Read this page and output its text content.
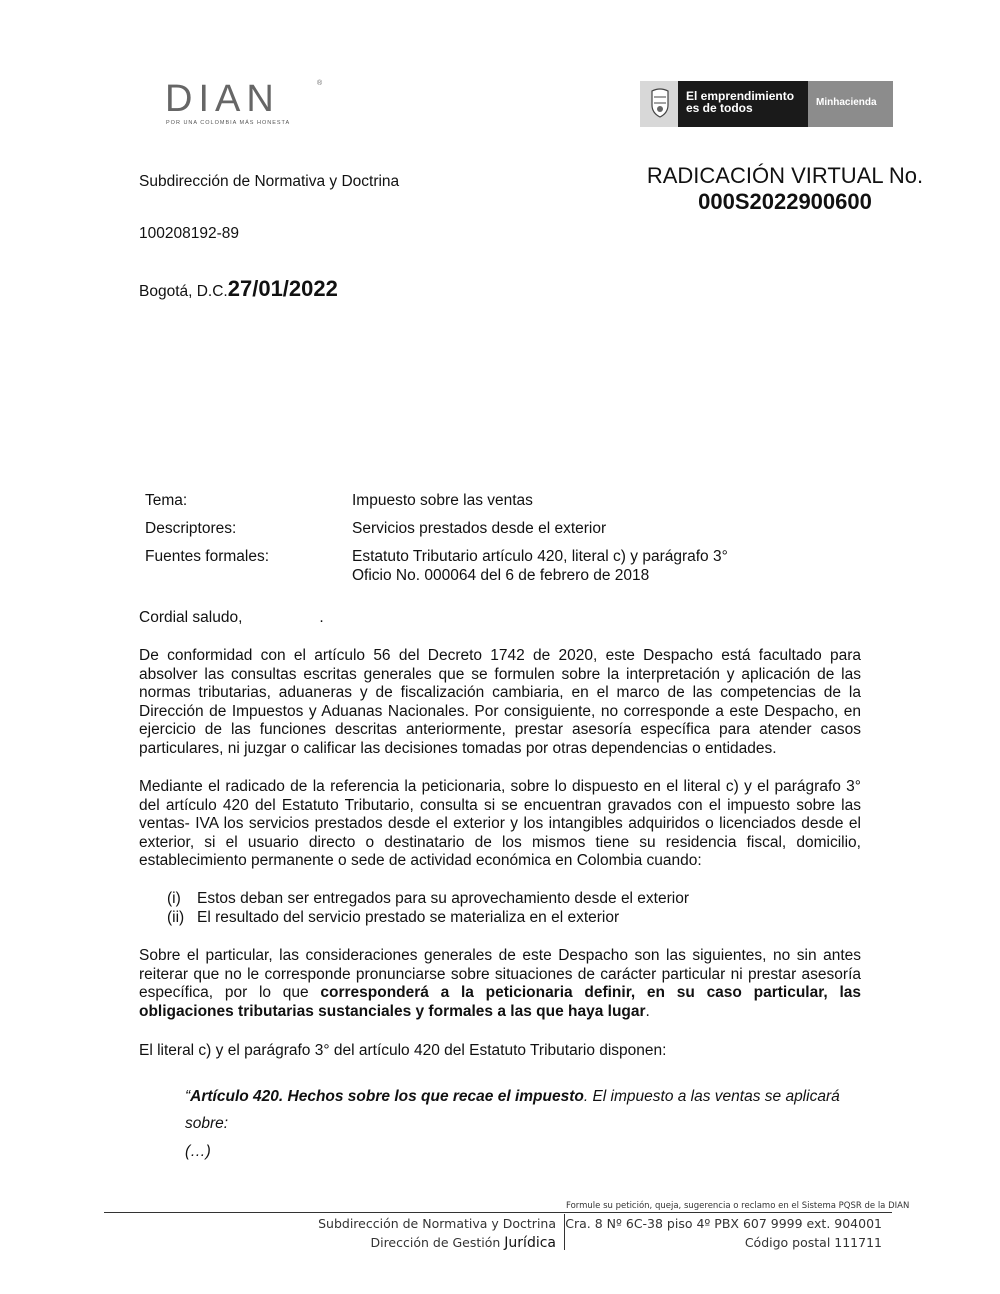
DIAN	®
POR UNA COLOMBIA MÁS HONESTA
El emprendimiento
es de todos	Minhacienda
RADICACIÓN VIRTUAL No.
000S2022900600
Subdirección de Normativa y Doctrina
100208192-89
Bogotá, D.C.27/01/2022
Tema:	Impuesto sobre las ventas
Descriptores:	Servicios prestados desde el exterior
Fuentes formales:	Estatuto Tributario artículo 420, literal c) y parágrafo 3°
Oficio No. 000064 del 6 de febrero de 2018
Cordial saludo,	.
De conformidad con el artículo 56 del Decreto 1742 de 2020, este Despacho está facultado para absolver las consultas escritas generales que se formulen sobre la interpretación y aplicación de las normas tributarias, aduaneras y de fiscalización cambiaria, en el marco de las competencias de la Dirección de Impuestos y Aduanas Nacionales. Por consiguiente, no corresponde a este Despacho, en ejercicio de las funciones descritas anteriormente, prestar asesoría específica para atender casos particulares, ni juzgar o calificar las decisiones tomadas por otras dependencias o entidades.
Mediante el radicado de la referencia la peticionaria, sobre lo dispuesto en el literal c) y el parágrafo 3° del artículo 420 del Estatuto Tributario, consulta si se encuentran gravados con el impuesto sobre las ventas- IVA los servicios prestados desde el exterior y los intangibles adquiridos o licenciados desde el exterior, si el usuario directo o destinatario de los mismos tiene su residencia fiscal, domicilio, establecimiento permanente o sede de actividad económica en Colombia cuando:
(i)	Estos deban ser entregados para su aprovechamiento desde el exterior
(ii) El resultado del servicio prestado se materializa en el exterior
Sobre el particular, las consideraciones generales de este Despacho son las siguientes, no sin antes reiterar que no le corresponde pronunciarse sobre situaciones de carácter particular ni prestar asesoría específica, por lo que corresponderá a la peticionaria definir, en su caso particular, las obligaciones tributarias sustanciales y formales a las que haya lugar.
El literal c) y el parágrafo 3° del artículo 420 del Estatuto Tributario disponen:
“Artículo 420. Hechos sobre los que recae el impuesto. El impuesto a las ventas se aplicará sobre:
(…)
Formule su petición, queja, sugerencia o reclamo en el Sistema PQSR de la DIAN
Subdirección de Normativa y Doctrina
Dirección de Gestión Jurídica
Cra. 8 Nº 6C-38 piso 4º PBX 607 9999 ext. 904001
Código postal 111711
